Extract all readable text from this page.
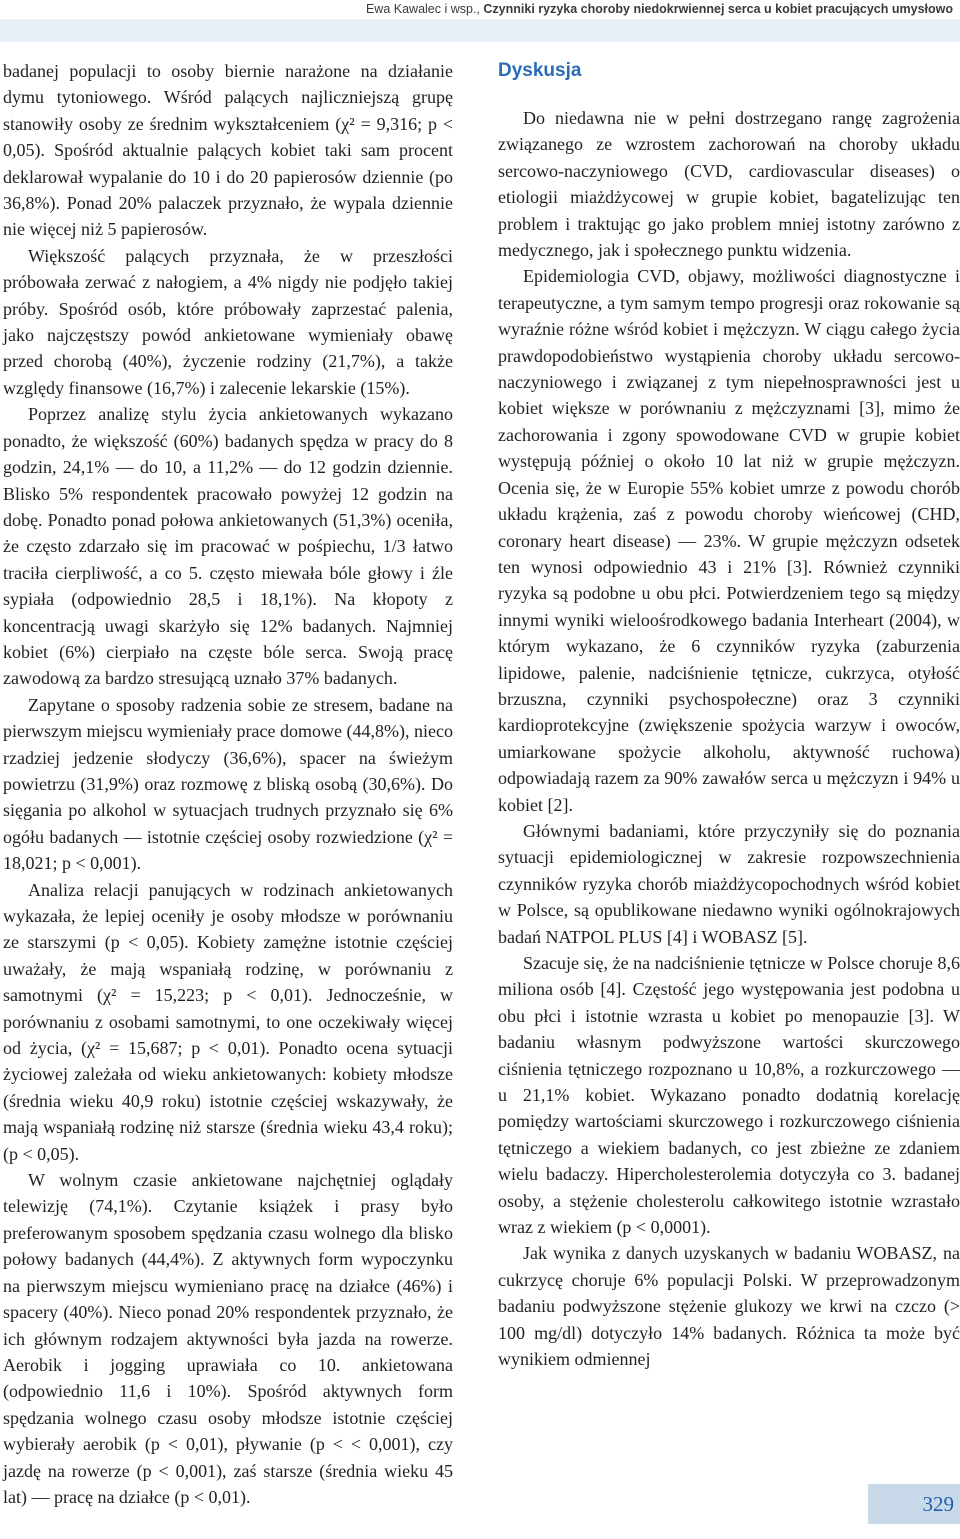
Ewa Kawalec i wsp., Czynniki ryzyka choroby niedokrwiennej serca u kobiet pracujących umysłowo

badanej populacji to osoby biernie narażone na działanie dymu tytoniowego. Wśród palących najliczniejszą grupę stanowiły osoby ze średnim wykształceniem (χ² = 9,316; p < 0,05). Spośród aktualnie palących kobiet taki sam procent deklarował wypalanie do 10 i do 20 papierosów dziennie (po 36,8%). Ponad 20% palaczek przyznało, że wypala dziennie nie więcej niż 5 papierosów.

Większość palących przyznała, że w przeszłości próbowała zerwać z nałogiem, a 4% nigdy nie podjęło takiej próby. Spośród osób, które próbowały zaprzestać palenia, jako najczęstszy powód ankietowane wymieniały obawę przed chorobą (40%), życzenie rodziny (21,7%), a także względy finansowe (16,7%) i zalecenie lekarskie (15%).

Poprzez analizę stylu życia ankietowanych wykazano ponadto, że większość (60%) badanych spędza w pracy do 8 godzin, 24,1% — do 10, a 11,2% — do 12 godzin dziennie. Blisko 5% respondentek pracowało powyżej 12 godzin na dobę. Ponadto ponad połowa ankietowanych (51,3%) oceniła, że często zdarzało się im pracować w pośpiechu, 1/3 łatwo traciła cierpliwość, a co 5. często miewała bóle głowy i źle sypiała (odpowiednio 28,5 i 18,1%). Na kłopoty z koncentracją uwagi skarżyło się 12% badanych. Najmniej kobiet (6%) cierpiało na częste bóle serca. Swoją pracę zawodową za bardzo stresującą uznało 37% badanych.

Zapytane o sposoby radzenia sobie ze stresem, badane na pierwszym miejscu wymieniały prace domowe (44,8%), nieco rzadziej jedzenie słodyczy (36,6%), spacer na świeżym powietrzu (31,9%) oraz rozmowę z bliską osobą (30,6%). Do sięgania po alkohol w sytuacjach trudnych przyznało się 6% ogółu badanych — istotnie częściej osoby rozwiedzione (χ² = 18,021; p < 0,001).

Analiza relacji panujących w rodzinach ankietowanych wykazała, że lepiej oceniły je osoby młodsze w porównaniu ze starszymi (p < 0,05). Kobiety zamężne istotnie częściej uważały, że mają wspaniałą rodzinę, w porównaniu z samotnymi (χ² = 15,223; p < 0,01). Jednocześnie, w porównaniu z osobami samotnymi, to one oczekiwały więcej od życia, (χ² = 15,687; p < 0,01). Ponadto ocena sytuacji życiowej zależała od wieku ankietowanych: kobiety młodsze (średnia wieku 40,9 roku) istotnie częściej wskazywały, że mają wspaniałą rodzinę niż starsze (średnia wieku 43,4 roku); (p < 0,05).

W wolnym czasie ankietowane najchętniej oglądały telewizję (74,1%). Czytanie książek i prasy było preferowanym sposobem spędzania czasu wolnego dla blisko połowy badanych (44,4%). Z aktywnych form wypoczynku na pierwszym miejscu wymieniano pracę na działce (46%) i spacery (40%). Nieco ponad 20% respondentek przyznało, że ich głównym rodzajem aktywności była jazda na rowerze. Aerobik i jogging uprawiała co 10. ankietowana (odpowiednio 11,6 i 10%). Spośród aktywnych form spędzania wolnego czasu osoby młodsze istotnie częściej wybierały aerobik (p < 0,01), pływanie (p < < 0,001), czy jazdę na rowerze (p < 0,001), zaś starsze (średnia wieku 45 lat) — pracę na działce (p < 0,01).

Dyskusja

Do niedawna nie w pełni dostrzegano rangę zagrożenia związanego ze wzrostem zachorowań na choroby układu sercowo-naczyniowego (CVD, cardiovascular diseases) o etiologii miażdżycowej w grupie kobiet, bagatelizując ten problem i traktując go jako problem mniej istotny zarówno z medycznego, jak i społecznego punktu widzenia.

Epidemiologia CVD, objawy, możliwości diagnostyczne i terapeutyczne, a tym samym tempo progresji oraz rokowanie są wyraźnie różne wśród kobiet i mężczyzn. W ciągu całego życia prawdopodobieństwo wystąpienia choroby układu sercowo-naczyniowego i związanej z tym niepełnosprawności jest u kobiet większe w porównaniu z mężczyznami [3], mimo że zachorowania i zgony spowodowane CVD w grupie kobiet występują później o około 10 lat niż w grupie mężczyzn. Ocenia się, że w Europie 55% kobiet umrze z powodu chorób układu krążenia, zaś z powodu choroby wieńcowej (CHD, coronary heart disease) — 23%. W grupie mężczyzn odsetek ten wynosi odpowiednio 43 i 21% [3]. Również czynniki ryzyka są podobne u obu płci. Potwierdzeniem tego są między innymi wyniki wieloośrodkowego badania Interheart (2004), w którym wykazano, że 6 czynników ryzyka (zaburzenia lipidowe, palenie, nadciśnienie tętnicze, cukrzyca, otyłość brzuszna, czynniki psychospołeczne) oraz 3 czynniki kardioprotekcyjne (zwiększenie spożycia warzyw i owoców, umiarkowane spożycie alkoholu, aktywność ruchowa) odpowiadają razem za 90% zawałów serca u mężczyzn i 94% u kobiet [2].

Głównymi badaniami, które przyczyniły się do poznania sytuacji epidemiologicznej w zakresie rozpowszechnienia czynników ryzyka chorób miażdżycopochodnych wśród kobiet w Polsce, są opublikowane niedawno wyniki ogólnokrajowych badań NATPOL PLUS [4] i WOBASZ [5].

Szacuje się, że na nadciśnienie tętnicze w Polsce choruje 8,6 miliona osób [4]. Częstość jego występowania jest podobna u obu płci i istotnie wzrasta u kobiet po menopauzie [3]. W badaniu własnym podwyższone wartości skurczowego ciśnienia tętniczego rozpoznano u 10,8%, a rozkurczowego — u 21,1% kobiet. Wykazano ponadto dodatnią korelację pomiędzy wartościami skurczowego i rozkurczowego ciśnienia tętniczego a wiekiem badanych, co jest zbieżne ze zdaniem wielu badaczy. Hipercholesterolemia dotyczyła co 3. badanej osoby, a stężenie cholesterolu całkowitego istotnie wzrastało wraz z wiekiem (p < 0,0001).

Jak wynika z danych uzyskanych w badaniu WOBASZ, na cukrzycę choruje 6% populacji Polski. W przeprowadzonym badaniu podwyższone stężenie glukozy we krwi na czczo (> 100 mg/dl) dotyczyło 14% badanych. Różnica ta może być wynikiem odmiennej

329
